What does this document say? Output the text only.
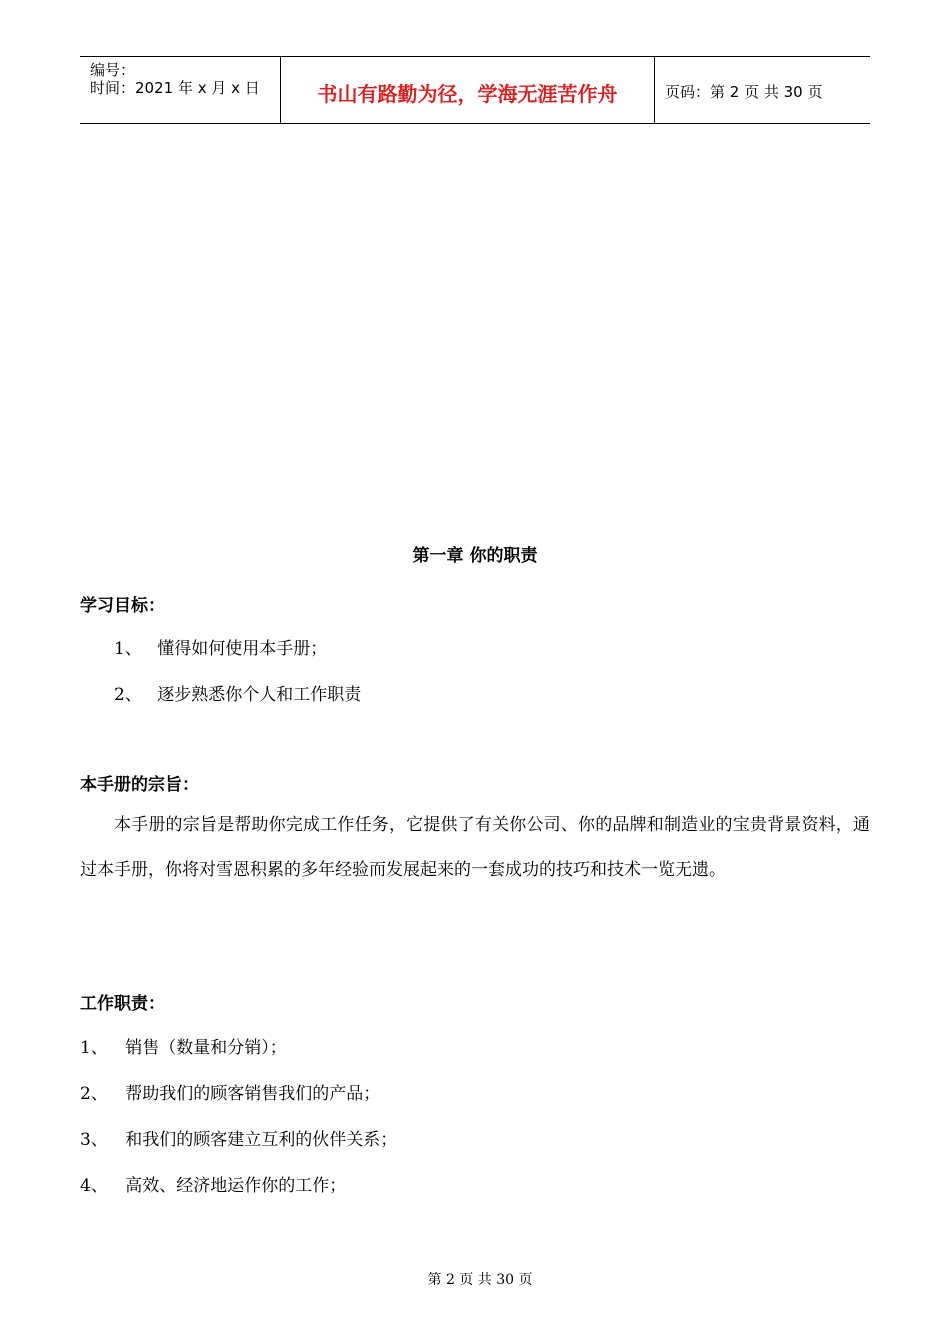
编号：
时间：2021 年 x 月 x 日	书山有路勤为径，学海无涯苦作舟	页码：第 2 页 共 30 页
第一章 你的职责
学习目标：
1、 懂得如何使用本手册；
2、 逐步熟悉你个人和工作职责
本手册的宗旨：
本手册的宗旨是帮助你完成工作任务，它提供了有关你公司、你的品牌和制造业的宝贵背景资料，通过本手册，你将对雪恩积累的多年经验而发展起来的一套成功的技巧和技术一览无遗。
工作职责：
1、 销售（数量和分销）；
2、 帮助我们的顾客销售我们的产品；
3、 和我们的顾客建立互利的伙伴关系；
4、 高效、经济地运作你的工作；
第 2 页 共 30 页
